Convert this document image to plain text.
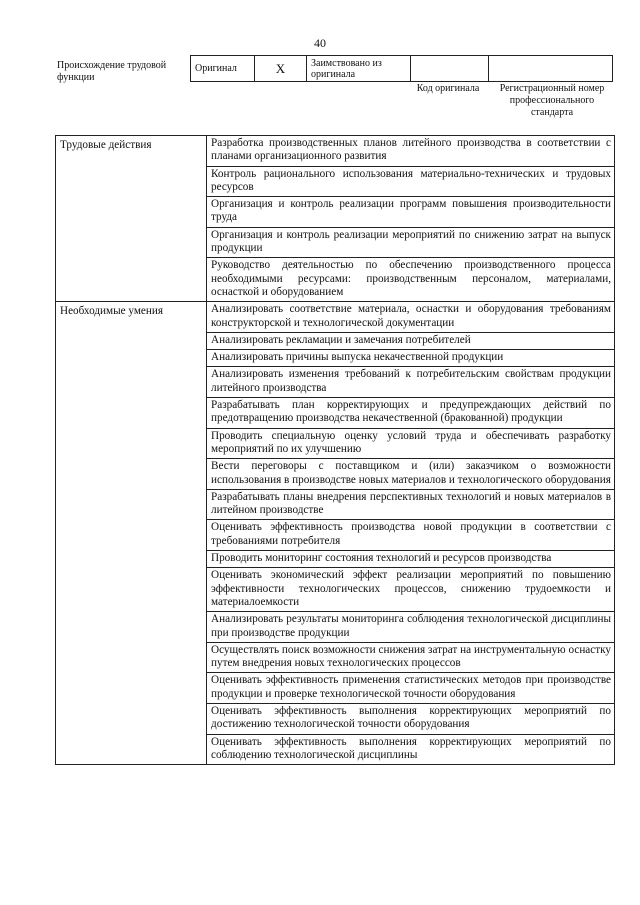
40
Происхождение трудовой функции
Оригинал	X	Заимствовано из оригинала		
Код оригинала	Регистрационный номер профессионального стандарта
Трудовые действия	Разработка производственных планов литейного производства в соответствии с планами организационного развития
	Контроль рационального использования материально-технических и трудовых ресурсов
	Организация и контроль реализации программ повышения производительности труда
	Организация и контроль реализации мероприятий по снижению затрат на выпуск продукции
	Руководство деятельностью по обеспечению производственного процесса необходимыми ресурсами: производственным персоналом, материалами, оснасткой и оборудованием
Необходимые умения	Анализировать соответствие материала, оснастки и оборудования требованиям конструкторской и технологической документации
	Анализировать рекламации и замечания потребителей
	Анализировать причины выпуска некачественной продукции
	Анализировать изменения требований к потребительским свойствам продукции литейного производства
	Разрабатывать план корректирующих и предупреждающих действий по предотвращению производства некачественной (бракованной) продукции
	Проводить специальную оценку условий труда и обеспечивать разработку мероприятий по их улучшению
	Вести переговоры с поставщиком и (или) заказчиком о возможности использования в производстве новых материалов и технологического оборудования
	Разрабатывать планы внедрения перспективных технологий и новых материалов в литейном производстве
	Оценивать эффективность производства новой продукции в соответствии с требованиями потребителя
	Проводить мониторинг состояния технологий и ресурсов производства
	Оценивать экономический эффект реализации мероприятий по повышению эффективности технологических процессов, снижению трудоемкости и материалоемкости
	Анализировать результаты мониторинга соблюдения технологической дисциплины при производстве продукции
	Осуществлять поиск возможности снижения затрат на инструментальную оснастку путем внедрения новых технологических процессов
	Оценивать эффективность применения статистических методов при производстве продукции и проверке технологической точности оборудования
	Оценивать эффективность выполнения корректирующих мероприятий по достижению технологической точности оборудования
	Оценивать эффективность выполнения корректирующих мероприятий по соблюдению технологической дисциплины
